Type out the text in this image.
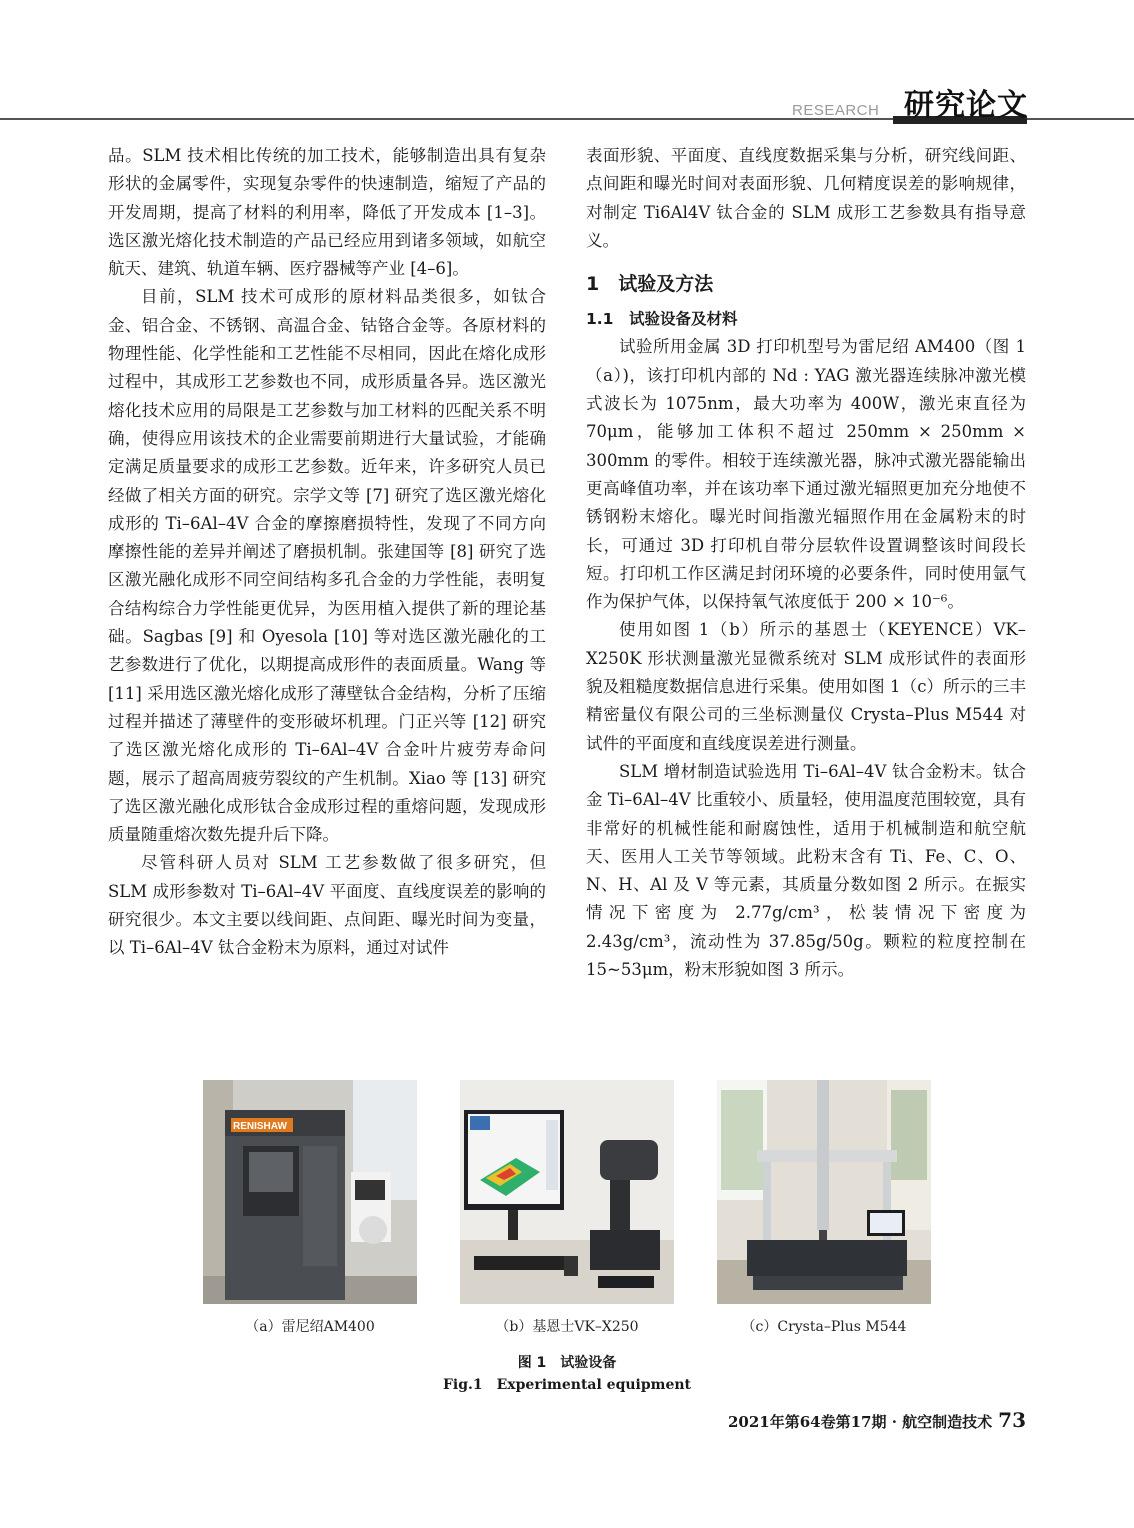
RESEARCH 研究论文

品。SLM 技术相比传统的加工技术，能够制造出具有复杂形状的金属零件，实现复杂零件的快速制造，缩短了产品的开发周期，提高了材料的利用率，降低了开发成本 [1–3]。选区激光熔化技术制造的产品已经应用到诸多领域，如航空航天、建筑、轨道车辆、医疗器械等产业 [4–6]。

目前，SLM 技术可成形的原材料品类很多，如钛合金、铝合金、不锈钢、高温合金、钴铬合金等。各原材料的物理性能、化学性能和工艺性能不尽相同，因此在熔化成形过程中，其成形工艺参数也不同，成形质量各异。选区激光熔化技术应用的局限是工艺参数与加工材料的匹配关系不明确，使得应用该技术的企业需要前期进行大量试验，才能确定满足质量要求的成形工艺参数。近年来，许多研究人员已经做了相关方面的研究。宗学文等 [7] 研究了选区激光熔化成形的 Ti–6Al–4V 合金的摩擦磨损特性，发现了不同方向摩擦性能的差异并阐述了磨损机制。张建国等 [8] 研究了选区激光融化成形不同空间结构多孔合金的力学性能，表明复合结构综合力学性能更优异，为医用植入提供了新的理论基础。Sagbas [9] 和 Oyesola [10] 等对选区激光融化的工艺参数进行了优化，以期提高成形件的表面质量。Wang 等 [11] 采用选区激光熔化成形了薄壁钛合金结构，分析了压缩过程并描述了薄壁件的变形破坏机理。门正兴等 [12] 研究了选区激光熔化成形的 Ti–6Al–4V 合金叶片疲劳寿命问题，展示了超高周疲劳裂纹的产生机制。Xiao 等 [13] 研究了选区激光融化成形钛合金成形过程的重熔问题，发现成形质量随重熔次数先提升后下降。

尽管科研人员对 SLM 工艺参数做了很多研究，但 SLM 成形参数对 Ti–6Al–4V 平面度、直线度误差的影响的研究很少。本文主要以线间距、点间距、曝光时间为变量，以 Ti–6Al–4V 钛合金粉末为原料，通过对试件

表面形貌、平面度、直线度数据采集与分析，研究线间距、点间距和曝光时间对表面形貌、几何精度误差的影响规律，对制定 Ti6Al4V 钛合金的 SLM 成形工艺参数具有指导意义。

1　试验及方法
1.1　试验设备及材料

试验所用金属 3D 打印机型号为雷尼绍 AM400（图 1（a）)，该打印机内部的 Nd : YAG 激光器连续脉冲激光模式波长为 1075nm，最大功率为 400W，激光束直径为 70μm，能够加工体积不超过 250mm × 250mm × 300mm 的零件。相较于连续激光器，脉冲式激光器能输出更高峰值功率，并在该功率下通过激光辐照更加充分地使不锈钢粉末熔化。曝光时间指激光辐照作用在金属粉末的时长，可通过 3D 打印机自带分层软件设置调整该时间段长短。打印机工作区满足封闭环境的必要条件，同时使用氩气作为保护气体，以保持氧气浓度低于 200 × 10⁻⁶。

使用如图 1（b）所示的基恩士（KEYENCE）VK–X250K 形状测量激光显微系统对 SLM 成形试件的表面形貌及粗糙度数据信息进行采集。使用如图 1（c）所示的三丰精密量仪有限公司的三坐标测量仪 Crysta–Plus M544 对试件的平面度和直线度误差进行测量。

SLM 增材制造试验选用 Ti–6Al–4V 钛合金粉末。钛合金 Ti–6Al–4V 比重较小、质量轻，使用温度范围较宽，具有非常好的机械性能和耐腐蚀性，适用于机械制造和航空航天、医用人工关节等领域。此粉末含有 Ti、Fe、C、O、N、H、Al 及 V 等元素，其质量分数如图 2 所示。在振实情况下密度为 2.77g/cm³，松装情况下密度为 2.43g/cm³，流动性为 37.85g/50g。颗粒的粒度控制在 15~53μm，粉末形貌如图 3 所示。

RENISHAW
（a）雷尼绍AM400	（b）基恩士VK–X250	（c）Crysta–Plus M544
图 1　试验设备
Fig.1　Experimental equipment
2021年第64卷第17期 · 航空制造技术 73
